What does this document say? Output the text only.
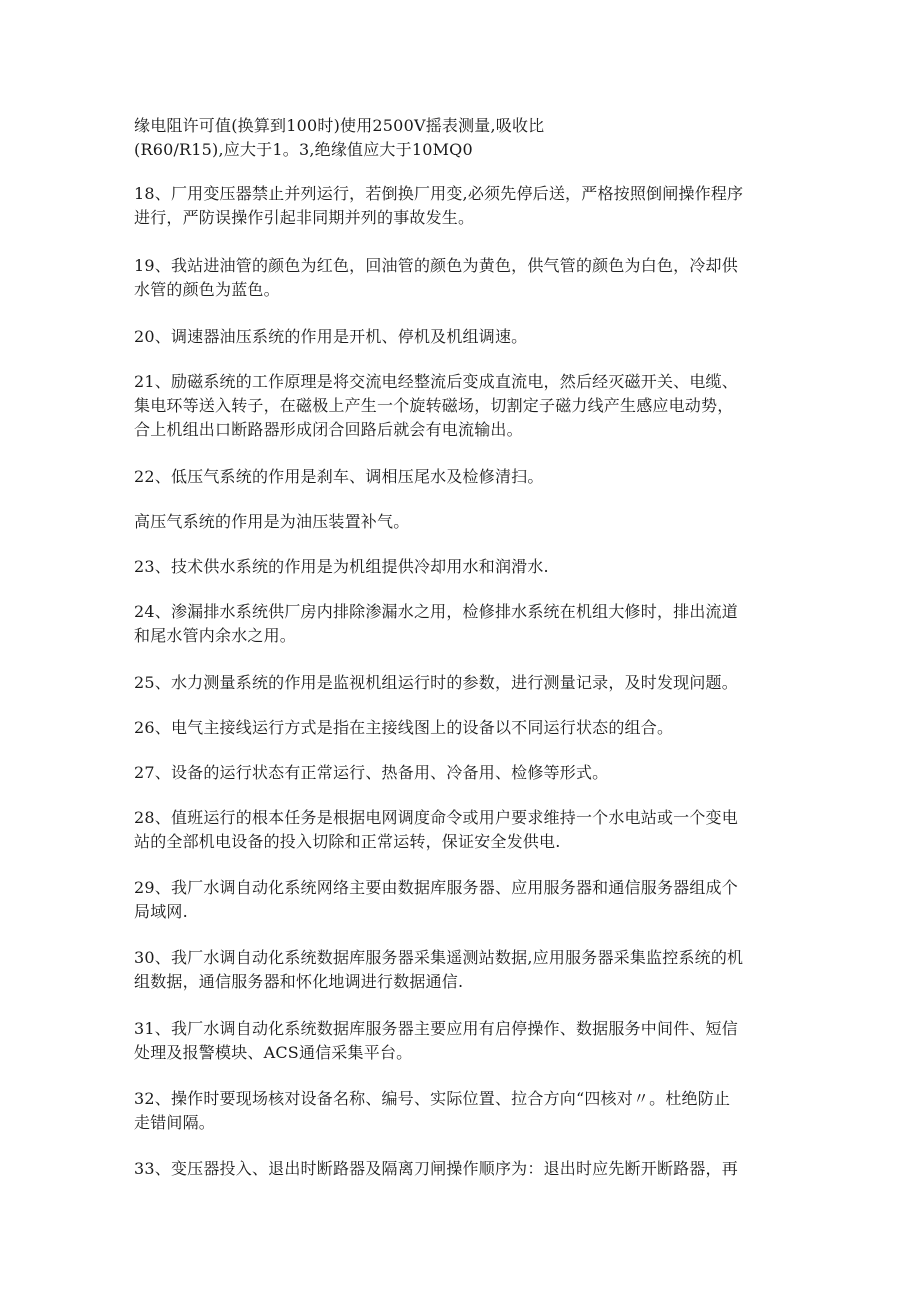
缘电阻许可值(换算到100时)使用2500V摇表测量,吸收比
(R60/R15),应大于1。3,绝缘值应大于10MQ0
18、厂用变压器禁止并列运行，若倒换厂用变,必须先停后送，严格按照倒闸操作程序
进行，严防误操作引起非同期并列的事故发生。
19、我站进油管的颜色为红色，回油管的颜色为黄色，供气管的颜色为白色，冷却供
水管的颜色为蓝色。
20、调速器油压系统的作用是开机、停机及机组调速。
21、励磁系统的工作原理是将交流电经整流后变成直流电，然后经灭磁开关、电缆、
集电环等送入转子，在磁极上产生一个旋转磁场，切割定子磁力线产生感应电动势，
合上机组出口断路器形成闭合回路后就会有电流输出。
22、低压气系统的作用是刹车、调相压尾水及检修清扫。
高压气系统的作用是为油压装置补气。
23、技术供水系统的作用是为机组提供冷却用水和润滑水.
24、渗漏排水系统供厂房内排除渗漏水之用，检修排水系统在机组大修时，排出流道
和尾水管内余水之用。
25、水力测量系统的作用是监视机组运行时的参数，进行测量记录，及时发现问题。
26、电气主接线运行方式是指在主接线图上的设备以不同运行状态的组合。
27、设备的运行状态有正常运行、热备用、冷备用、检修等形式。
28、值班运行的根本任务是根据电网调度命令或用户要求维持一个水电站或一个变电
站的全部机电设备的投入切除和正常运转，保证安全发供电.
29、我厂水调自动化系统网络主要由数据库服务器、应用服务器和通信服务器组成个
局域网.
30、我厂水调自动化系统数据库服务器采集遥测站数据,应用服务器采集监控系统的机
组数据，通信服务器和怀化地调进行数据通信.
31、我厂水调自动化系统数据库服务器主要应用有启停操作、数据服务中间件、短信
处理及报警模块、ACS通信采集平台。
32、操作时要现场核对设备名称、编号、实际位置、拉合方向“四核对〃。杜绝防止
走错间隔。
33、变压器投入、退出时断路器及隔离刀闸操作顺序为：退出时应先断开断路器，再
